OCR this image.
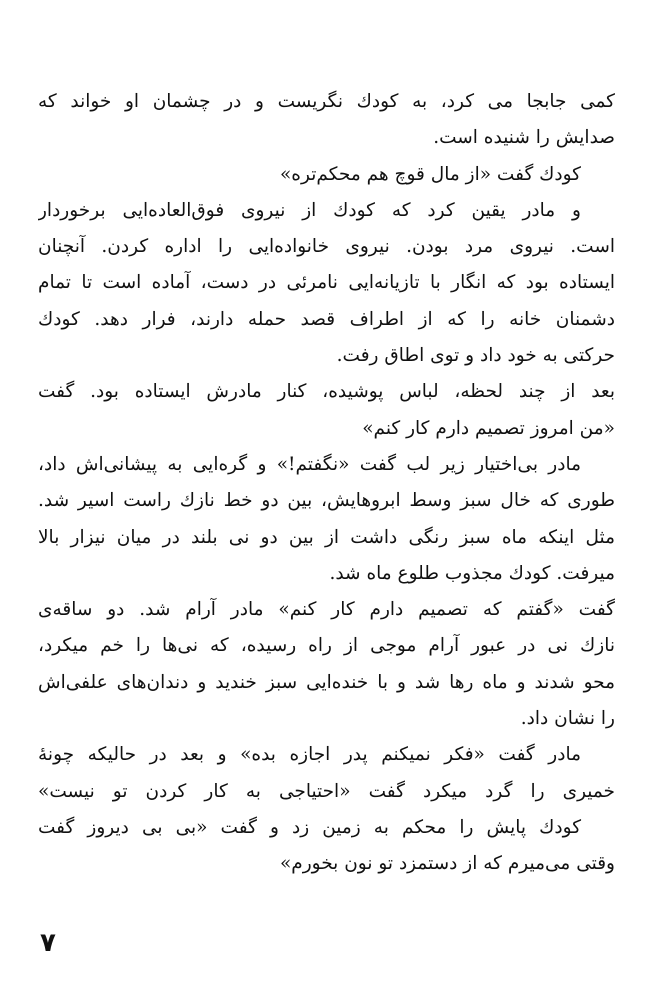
کمی جابجا می کرد، به کودك نگریست و در چشمان او خواند که
صدایش را شنیده است.
کودك گفت «از مال قوچ هم محکم‌تره»
و مادر یقین کرد که کودك از نیروی فوق‌العاده‌ایی برخوردار
است. نیروی مرد بودن. نیروی خانواده‌ایی را اداره کردن. آنچنان
ایستاده بود که انگار با تازیانه‌ایی نامرئی در دست، آماده است تا تمام
دشمنان خانه را که از اطراف قصد حمله دارند، فرار دهد. کودك
حرکتی به خود داد و توی اطاق رفت.
بعد از چند لحظه، لباس پوشیده، کنار مادرش ایستاده بود. گفت
«من امروز تصمیم دارم کار کنم»
مادر بی‌اختیار زیر لب گفت «نگفتم!» و گره‌ایی به پیشانی‌اش داد،
طوری که خال سبز وسط ابروهایش، بین دو خط نازك راست اسیر شد.
مثل اینکه ماه سبز رنگی داشت از بین دو نی بلند در میان نیزار بالا
میرفت. کودك مجذوب طلوع ماه شد.
گفت «گفتم که تصمیم دارم کار کنم» مادر آرام شد. دو ساقه‌ی
نازك نی در عبور آرام موجی از راه رسیده، که نی‌ها را خم میکرد،
محو شدند و ماه رها شد و با خنده‌ایی سبز خندید و دندان‌های علفی‌اش
را نشان داد.
مادر گفت «فکر نمیکنم پدر اجازه بده» و بعد در حالیکه چونه‌ٔ
خمیری را گرد میکرد گفت «احتیاجی به کار کردن تو نیست»
کودك پایش را محکم به زمین زد و گفت «بی بی دیروز گفت
وقتی می‌میرم که از دستمزد تو نون بخورم»
۷
